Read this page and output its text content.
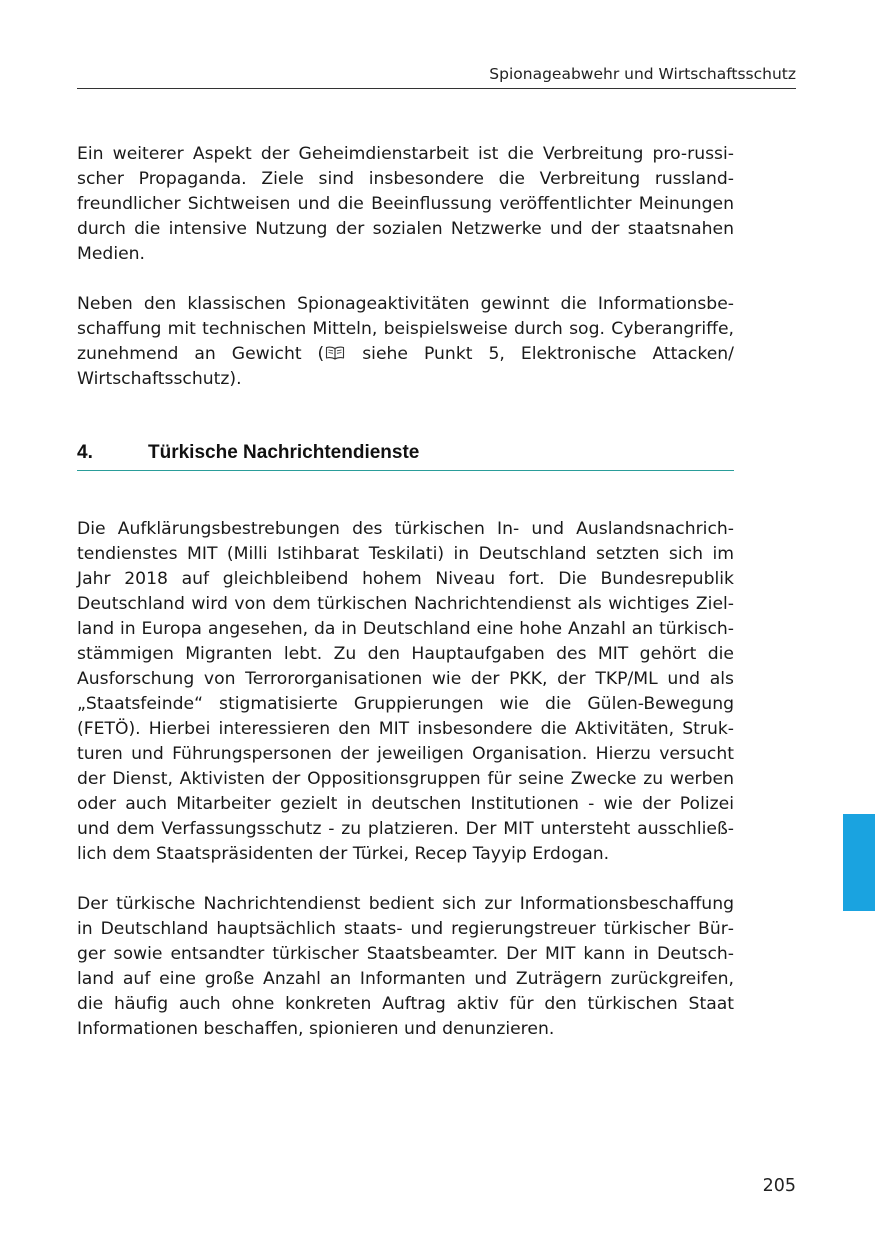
Spionageabwehr und Wirtschaftsschutz

Ein weiterer Aspekt der Geheimdienstarbeit ist die Verbreitung pro-russischer Propaganda. Ziele sind insbesondere die Verbreitung russlandfreundlicher Sichtweisen und die Beeinflussung veröffentlichter Meinungen durch die intensive Nutzung der sozialen Netzwerke und der staatsnahen Medien.

Neben den klassischen Spionageaktivitäten gewinnt die Informationsbeschaffung mit technischen Mitteln, beispielsweise durch sog. Cyberangriffe, zunehmend an Gewicht ( siehe Punkt 5, Elektronische Attacken/ Wirtschaftsschutz).

4.	Türkische Nachrichtendienste

Die Aufklärungsbestrebungen des türkischen In- und Auslandsnachrichtendienstes MIT (Milli Istihbarat Teskilati) in Deutschland setzten sich im Jahr 2018 auf gleichbleibend hohem Niveau fort. Die Bundesrepublik Deutschland wird von dem türkischen Nachrichtendienst als wichtiges Zielland in Europa angesehen, da in Deutschland eine hohe Anzahl an türkischstämmigen Migranten lebt. Zu den Hauptaufgaben des MIT gehört die Ausforschung von Terrororganisationen wie der PKK, der TKP/ML und als „Staatsfeinde“ stigmatisierte Gruppierungen wie die Gülen-Bewegung (FETÖ). Hierbei interessieren den MIT insbesondere die Aktivitäten, Strukturen und Führungspersonen der jeweiligen Organisation. Hierzu versucht der Dienst, Aktivisten der Oppositionsgruppen für seine Zwecke zu werben oder auch Mitarbeiter gezielt in deutschen Institutionen - wie der Polizei und dem Verfassungsschutz - zu platzieren. Der MIT untersteht ausschließlich dem Staatspräsidenten der Türkei, Recep Tayyip Erdogan.

Der türkische Nachrichtendienst bedient sich zur Informationsbeschaffung in Deutschland hauptsächlich staats- und regierungstreuer türkischer Bürger sowie entsandter türkischer Staatsbeamter. Der MIT kann in Deutschland auf eine große Anzahl an Informanten und Zuträgern zurückgreifen, die häufig auch ohne konkreten Auftrag aktiv für den türkischen Staat Informationen beschaffen, spionieren und denunzieren.

205
